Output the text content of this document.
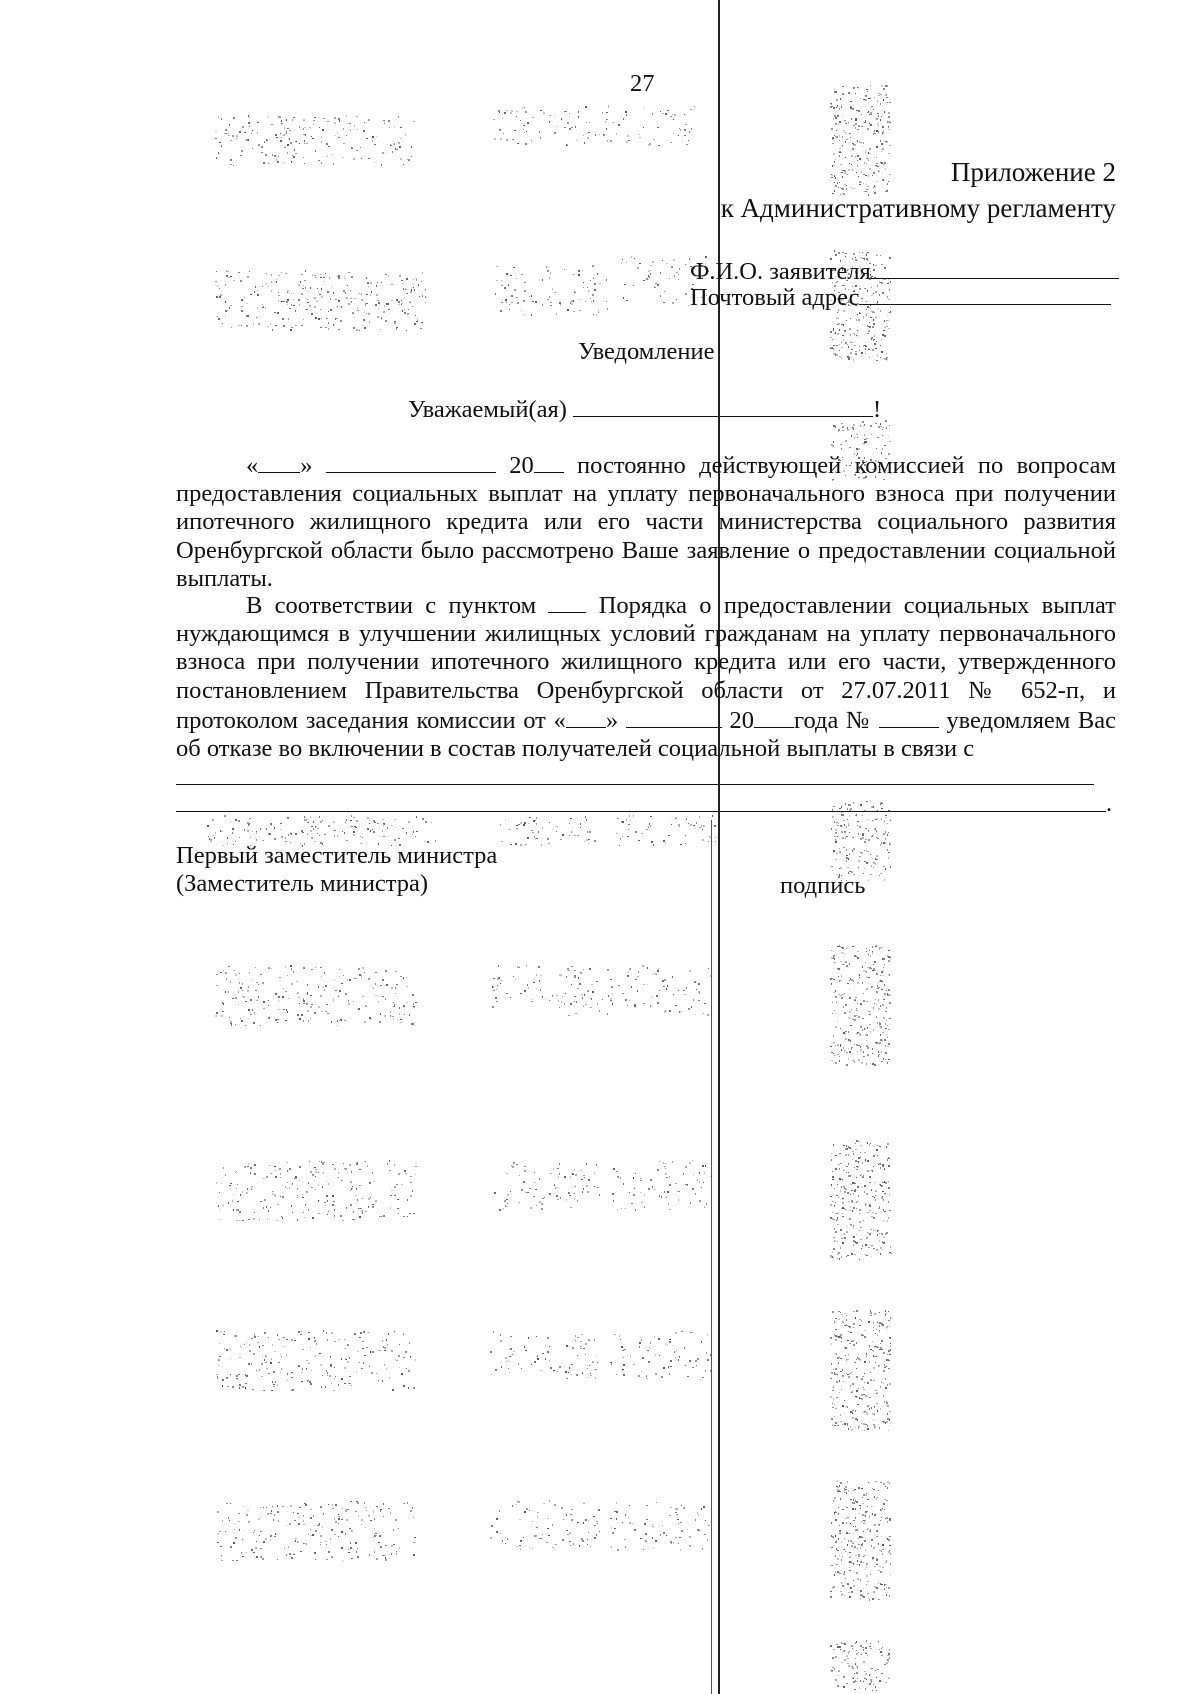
27
Приложение 2
к Административному регламенту
Ф.И.О. заявителя
Почтовый адрес
Уведомление
Уважаемый(ая)	!
« »	20 постоянно действующей комиссией по вопросам предоставления социальных выплат на уплату первоначального взноса при получении ипотечного жилищного кредита или его части министерства социального развития Оренбургской области было рассмотрено Ваше заявление о предоставлении социальной выплаты.
В соответствии с пунктом	Порядка о предоставлении социальных выплат нуждающимся в улучшении жилищных условий гражданам на уплату первоначального взноса при получении ипотечного жилищного кредита или его части, утвержденного постановлением Правительства Оренбургской области от 27.07.2011 № 652-п, и протоколом заседания комиссии от « »	20 года №	уведомляем Вас об отказе во включении в состав получателей социальной выплаты в связи с
.
Первый заместитель министра
(Заместитель министра)	подпись
